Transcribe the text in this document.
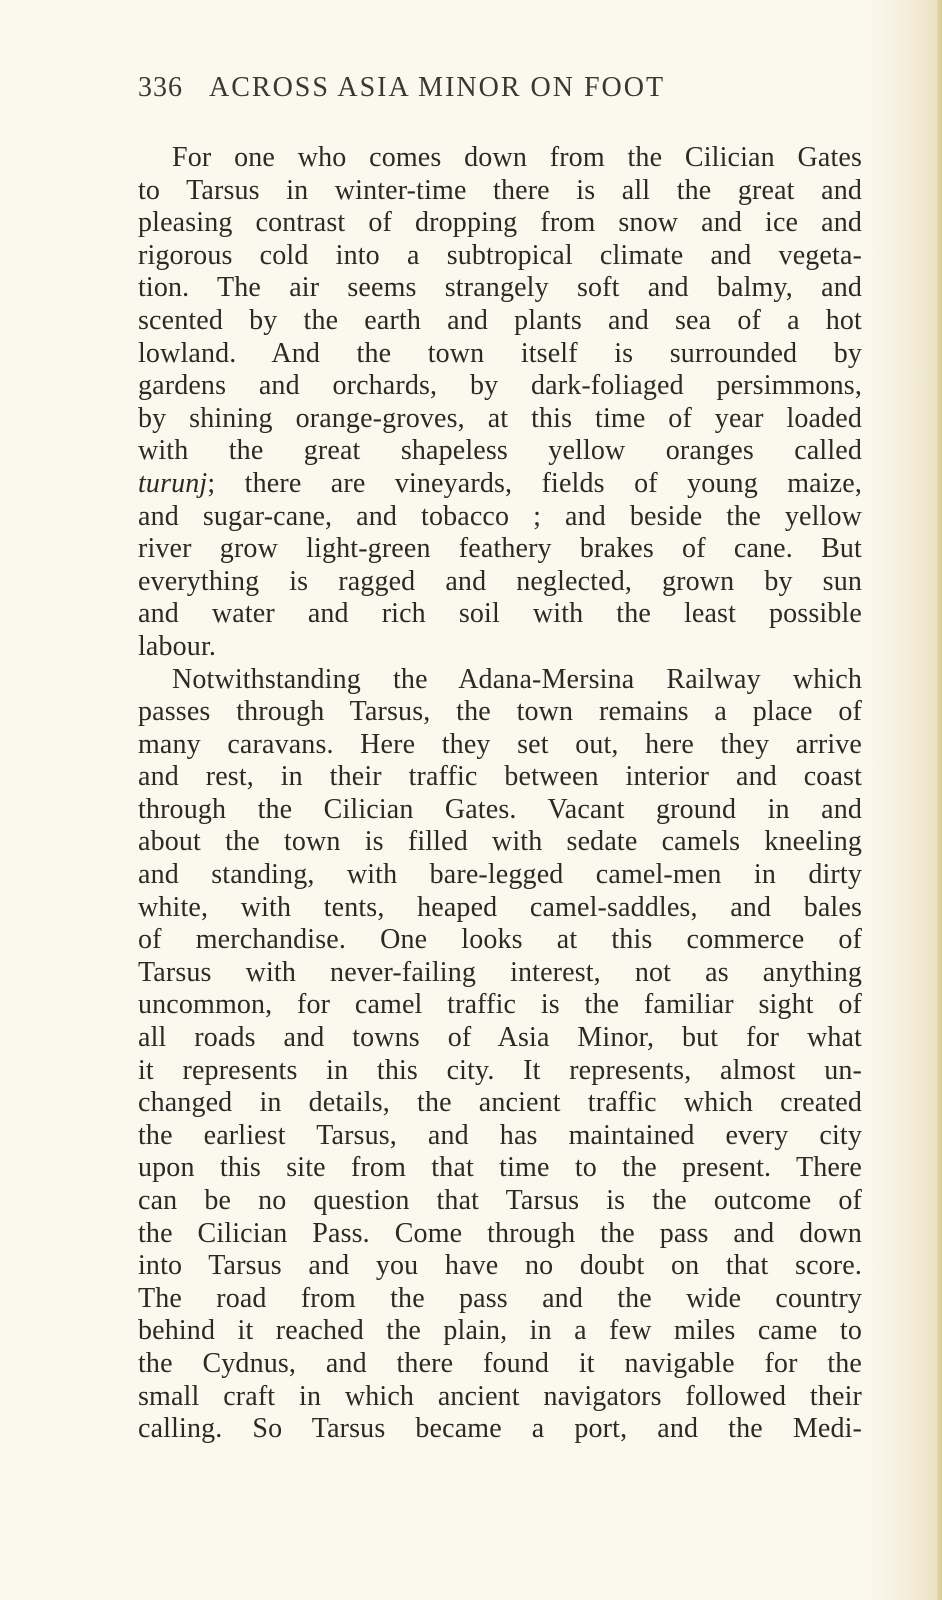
336 ACROSS ASIA MINOR ON FOOT
For one who comes down from the Cilician Gates
to Tarsus in winter-time there is all the great and
pleasing contrast of dropping from snow and ice and
rigorous cold into a subtropical climate and vegeta-
tion. The air seems strangely soft and balmy, and
scented by the earth and plants and sea of a hot
lowland. And the town itself is surrounded by
gardens and orchards, by dark-foliaged persimmons,
by shining orange-groves, at this time of year loaded
with the great shapeless yellow oranges called
turunj; there are vineyards, fields of young maize,
and sugar-cane, and tobacco ; and beside the yellow
river grow light-green feathery brakes of cane. But
everything is ragged and neglected, grown by sun
and water and rich soil with the least possible
labour.
Notwithstanding the Adana-Mersina Railway which
passes through Tarsus, the town remains a place of
many caravans. Here they set out, here they arrive
and rest, in their traffic between interior and coast
through the Cilician Gates. Vacant ground in and
about the town is filled with sedate camels kneeling
and standing, with bare-legged camel-men in dirty
white, with tents, heaped camel-saddles, and bales
of merchandise. One looks at this commerce of
Tarsus with never-failing interest, not as anything
uncommon, for camel traffic is the familiar sight of
all roads and towns of Asia Minor, but for what
it represents in this city. It represents, almost un-
changed in details, the ancient traffic which created
the earliest Tarsus, and has maintained every city
upon this site from that time to the present. There
can be no question that Tarsus is the outcome of
the Cilician Pass. Come through the pass and down
into Tarsus and you have no doubt on that score.
The road from the pass and the wide country
behind it reached the plain, in a few miles came to
the Cydnus, and there found it navigable for the
small craft in which ancient navigators followed their
calling. So Tarsus became a port, and the Medi-
